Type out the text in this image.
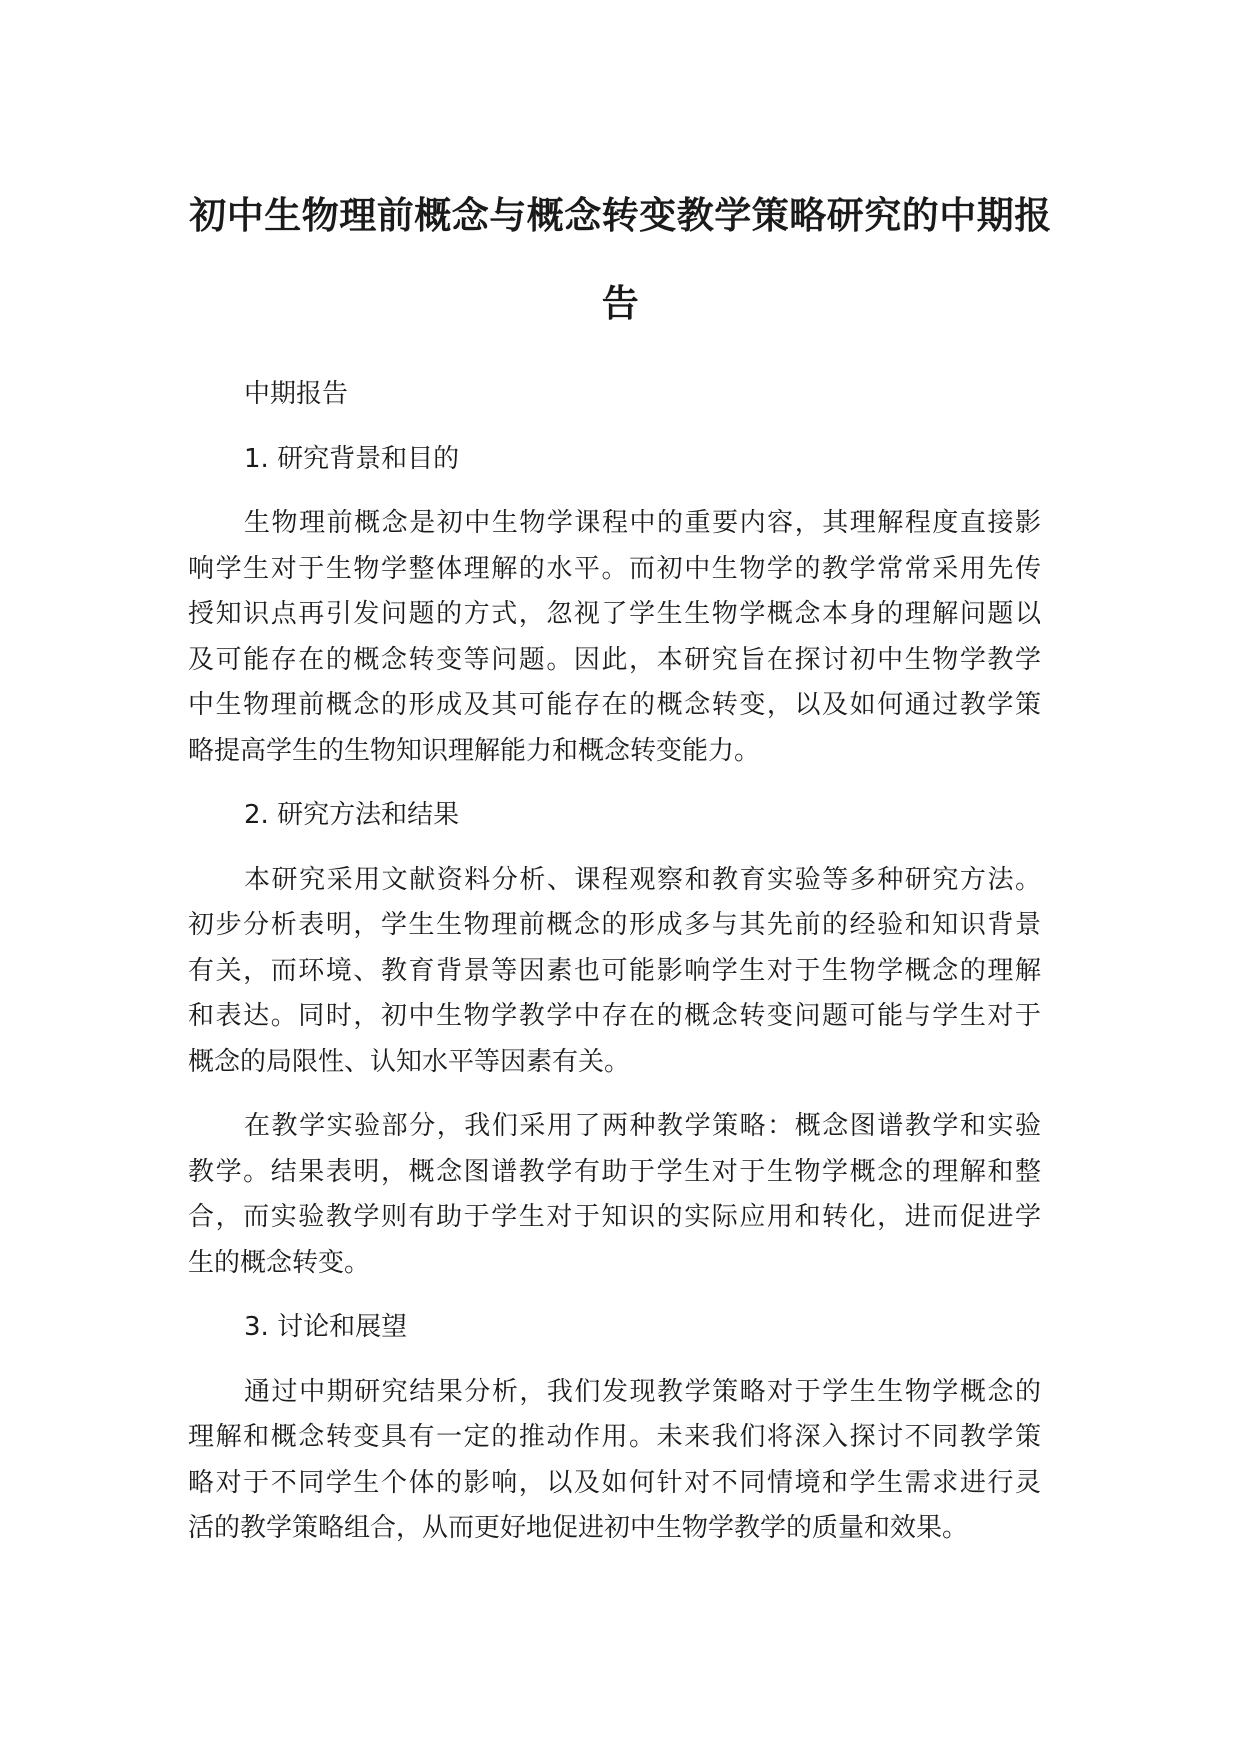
初中生物理前概念与概念转变教学策略研究的中期报告

中期报告

1. 研究背景和目的

生物理前概念是初中生物学课程中的重要内容，其理解程度直接影

响学生对于生物学整体理解的水平。而初中生物学的教学常常采用先传

授知识点再引发问题的方式，忽视了学生生物学概念本身的理解问题以

及可能存在的概念转变等问题。因此，本研究旨在探讨初中生物学教学

中生物理前概念的形成及其可能存在的概念转变，以及如何通过教学策

略提高学生的生物知识理解能力和概念转变能力。

2. 研究方法和结果

本研究采用文献资料分析、课程观察和教育实验等多种研究方法。

初步分析表明，学生生物理前概念的形成多与其先前的经验和知识背景

有关，而环境、教育背景等因素也可能影响学生对于生物学概念的理解

和表达。同时，初中生物学教学中存在的概念转变问题可能与学生对于

概念的局限性、认知水平等因素有关。

在教学实验部分，我们采用了两种教学策略：概念图谱教学和实验

教学。结果表明，概念图谱教学有助于学生对于生物学概念的理解和整

合，而实验教学则有助于学生对于知识的实际应用和转化，进而促进学

生的概念转变。

3. 讨论和展望

通过中期研究结果分析，我们发现教学策略对于学生生物学概念的

理解和概念转变具有一定的推动作用。未来我们将深入探讨不同教学策

略对于不同学生个体的影响，以及如何针对不同情境和学生需求进行灵

活的教学策略组合，从而更好地促进初中生物学教学的质量和效果。
